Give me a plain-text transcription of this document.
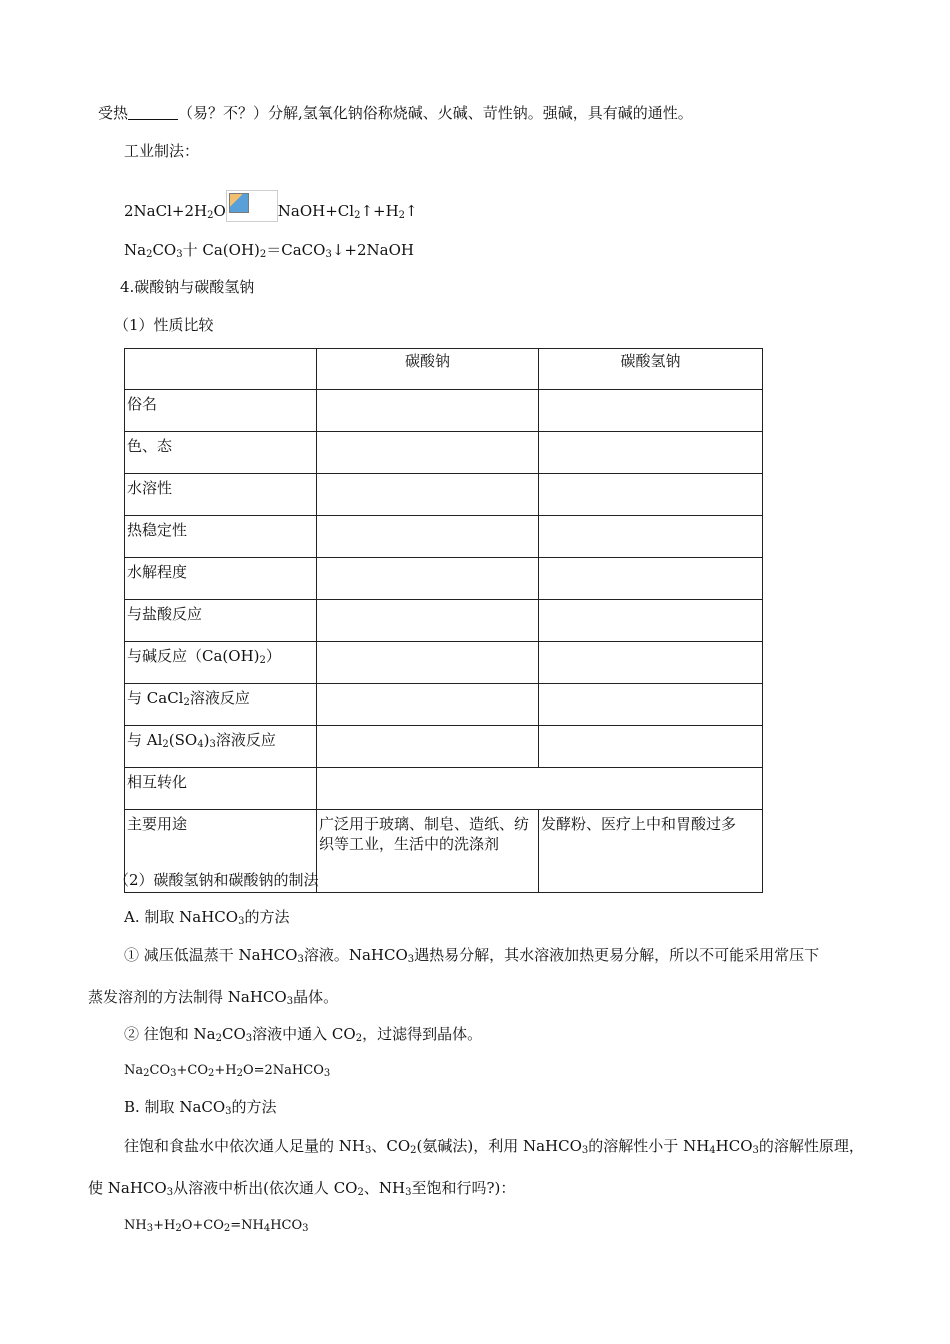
受热	（易？不？）分解,氢氧化钠俗称烧碱、火碱、苛性钠。强碱，具有碱的通性。
工业制法：
$2NaCl+2H_2O$	$NaOH+Cl_2↑+H_2↑$
$Na_2CO_3$十 $Ca(OH)_2=CaCO_3↓+2NaOH$
4.碳酸钠与碳酸氢钠
（1）性质比较
	碳酸钠	碳酸氢钠
俗名		
色、态		
水溶性		
热稳定性		
水解程度		
与盐酸反应		
与碱反应$(Ca(OH)_2)$		
与 CaCl$_2$溶液反应		
与 $Al_2(SO_4)_3$溶液反应		
相互转化		
主要用途	广泛用于玻璃、制皂、造纸、纺织等工业，生活中的洗涤剂	发酵粉、医疗上中和胃酸过多
（2）碳酸氢钠和碳酸钠的制法
A. 制取 NaHCO$_3$的方法
① 减压低温蒸干 NaHCO$_3$溶液。NaHCO$_3$遇热易分解，其水溶液加热更易分解，所以不可能采用常压下
蒸发溶剂的方法制得 NaHCO$_3$晶体。
② 往饱和 $Na_2CO_3$溶液中通入 $CO_2$，过滤得到晶体。
$Na_2CO_3+CO_2+H_2O=2NaHCO_3$
B. 制取 NaCO$_3$的方法
往饱和食盐水中依次通人足量的 $NH_3$、$CO_2$(氨碱法)，利用 NaHCO$_3$的溶解性小于 $NH_4HCO_3$的溶解性原理，
使 NaHCO$_3$从溶液中析出(依次通人 $CO_2$、$NH_3$至饱和行吗?)：
$NH_3+H_2O+CO_2=NH_4HCO_3$
